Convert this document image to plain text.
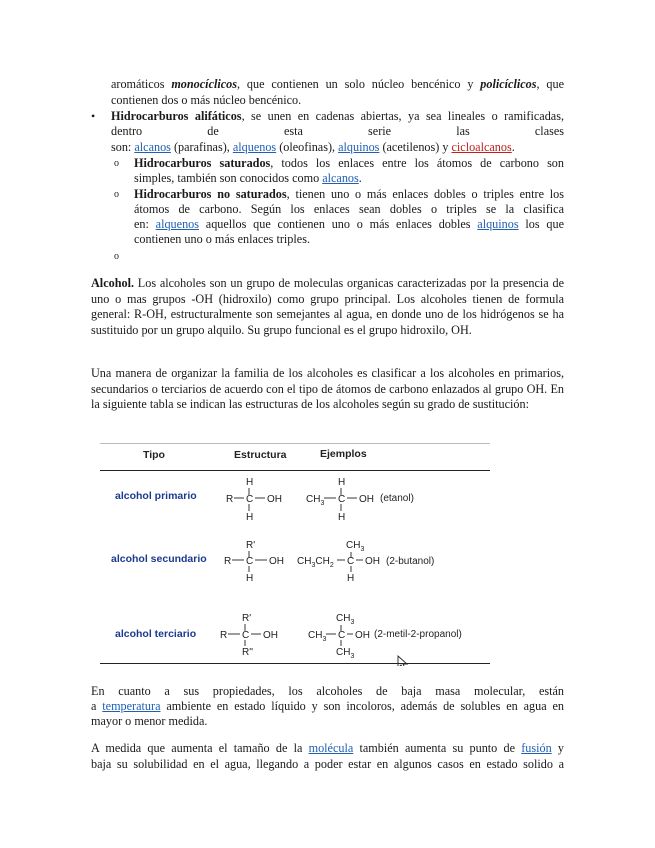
aromáticos monocíclicos, que contienen un solo núcleo bencénico y policíclicos, que
contienen dos o más núcleo bencénico.
• Hidrocarburos alifáticos, se unen en cadenas abiertas, ya sea lineales o ramificadas,
dentro de esta serie las clases
son: alcanos (parafinas), alquenos (oleofinas), alquinos (acetilenos) y cicloalcanos.
o Hidrocarburos saturados, todos los enlaces entre los átomos de carbono son
simples, también son conocidos como alcanos.
o Hidrocarburos no saturados, tienen uno o más enlaces dobles o triples entre los
átomos de carbono. Según los enlaces sean dobles o triples se la clasifica
en: alquenos aquellos que contienen uno o más enlaces dobles alquinos los que
contienen uno o más enlaces triples.
o
Alcohol. Los alcoholes son un grupo de moleculas organicas caracterizadas por la presencia de uno o mas grupos -OH (hidroxilo) como grupo principal. Los alcoholes tienen de formula general: R-OH, estructuralmente son semejantes al agua, en donde uno de los hidrógenos se ha sustituido por un grupo alquilo. Su grupo funcional es el grupo hidroxilo, OH.
Una manera de organizar la familia de los alcoholes es clasificar a los alcoholes en primarios, secundarios o terciarios de acuerdo con el tipo de átomos de carbono enlazados al grupo OH. En la siguiente tabla se indican las estructuras de los alcoholes según su grado de sustitución:
Tipo	Estructura	Ejemplos
alcohol primario
alcohol secundario
alcohol terciario
H
R C OH
H
H
$CH_3$ C OH (etanol)
H
R'
R C OH
H
$CH_3$
$CH_3CH_2$ C OH (2-butanol)
H
R'
R C OH
R''
$CH_3$
$CH_3$ C OH (2-metil-2-propanol)
$CH_3$
En cuanto a sus propiedades, los alcoholes de baja masa molecular, están
a temperatura ambiente en estado líquido y son incoloros, además de solubles en agua en
mayor o menor medida.
A medida que aumenta el tamaño de la molécula también aumenta su punto de fusión y
baja su solubilidad en el agua, llegando a poder estar en algunos casos en estado solido a
